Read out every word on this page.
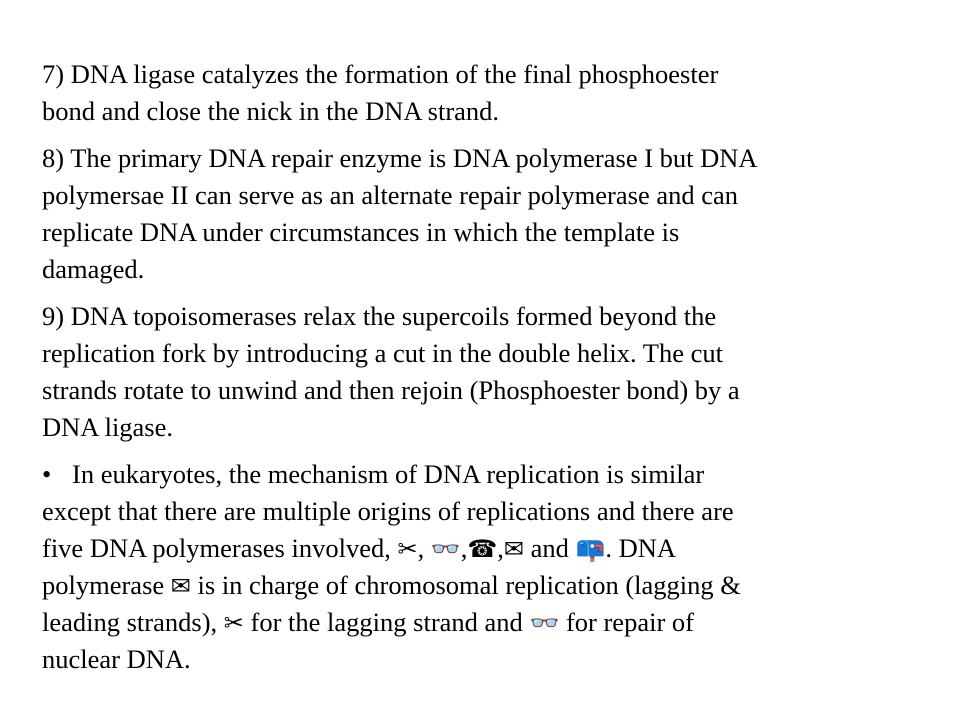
7) DNA ligase catalyzes the formation of the final phosphoester
bond and close the nick in the DNA strand.

8) The primary DNA repair enzyme is DNA polymerase I but DNA
polymersae II can serve as an alternate repair polymerase and can
replicate DNA under circumstances in which the template is
damaged.

9) DNA topoisomerases relax the supercoils formed beyond the
replication fork by introducing a cut in the double helix. The cut
strands rotate to unwind and then rejoin (Phosphoester bond) by a
DNA ligase.

• In eukaryotes, the mechanism of DNA replication is similar
except that there are multiple origins of replications and there are
five DNA polymerases involved, ✂, 👓,☎,✉ and 📪. DNA
polymerase ✉ is in charge of chromosomal replication (lagging &
leading strands), ✂ for the lagging strand and 👓 for repair of
nuclear DNA.
